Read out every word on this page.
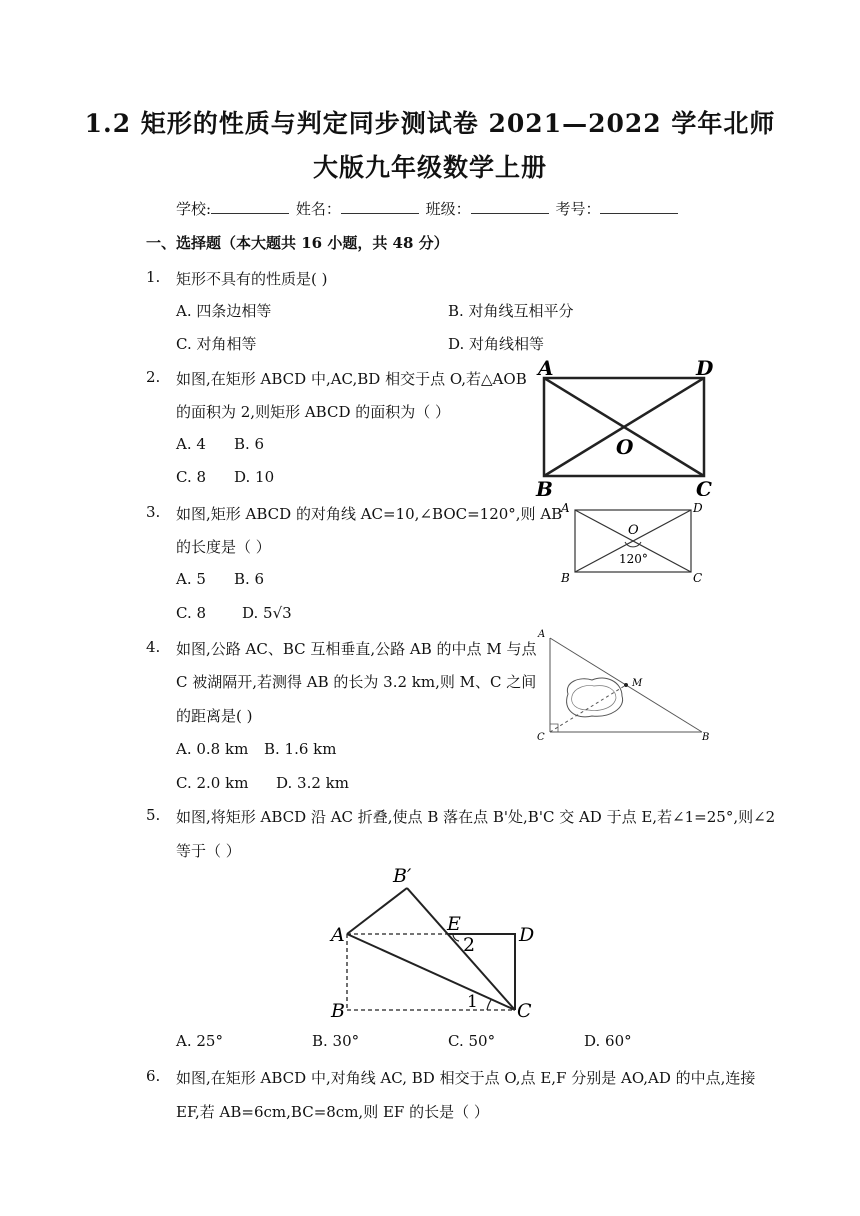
1.2 矩形的性质与判定同步测试卷 2021—2022 学年北师
大版九年级数学上册
学校:	姓名：	班级：	考号：
一、选择题（本大题共 16 小题，共 48 分）
1. 矩形不具有的性质是( )
A. 四条边相等	B. 对角线互相平分
C. 对角相等	D. 对角线相等
2. 如图,在矩形 ABCD 中,AC,BD 相交于点 O,若△AOB
的面积为 2,则矩形 ABCD 的面积为（ ）
A. 4 B. 6
C. 8 D. 10
A	D
B	C
O
3. 如图,矩形 ABCD 的对角线 AC=10,∠BOC=120°,则 AB
的长度是（ ）
A. 5 B. 6
C. 8 D. 5√3
A	D
B	C
O
120°
4. 如图,公路 AC、BC 互相垂直,公路 AB 的中点 M 与点
C 被湖隔开,若测得 AB 的长为 3.2 km,则 M、C 之间
的距离是( )
A. 0.8 km B. 1.6 km
C. 2.0 km D. 3.2 km
A
M
C	B
5. 如图,将矩形 ABCD 沿 AC 折叠,使点 B 落在点 B'处,B'C 交 AD 于点 E,若∠1=25°,则∠2
等于（ ）
B′
A	E
2 D
B	1 C
A. 25°	B. 30°	C. 50°	D. 60°
6. 如图,在矩形 ABCD 中,对角线 AC, BD 相交于点 O,点 E,F 分别是 AO,AD 的中点,连接
EF,若 AB=6cm,BC=8cm,则 EF 的长是（ ）
